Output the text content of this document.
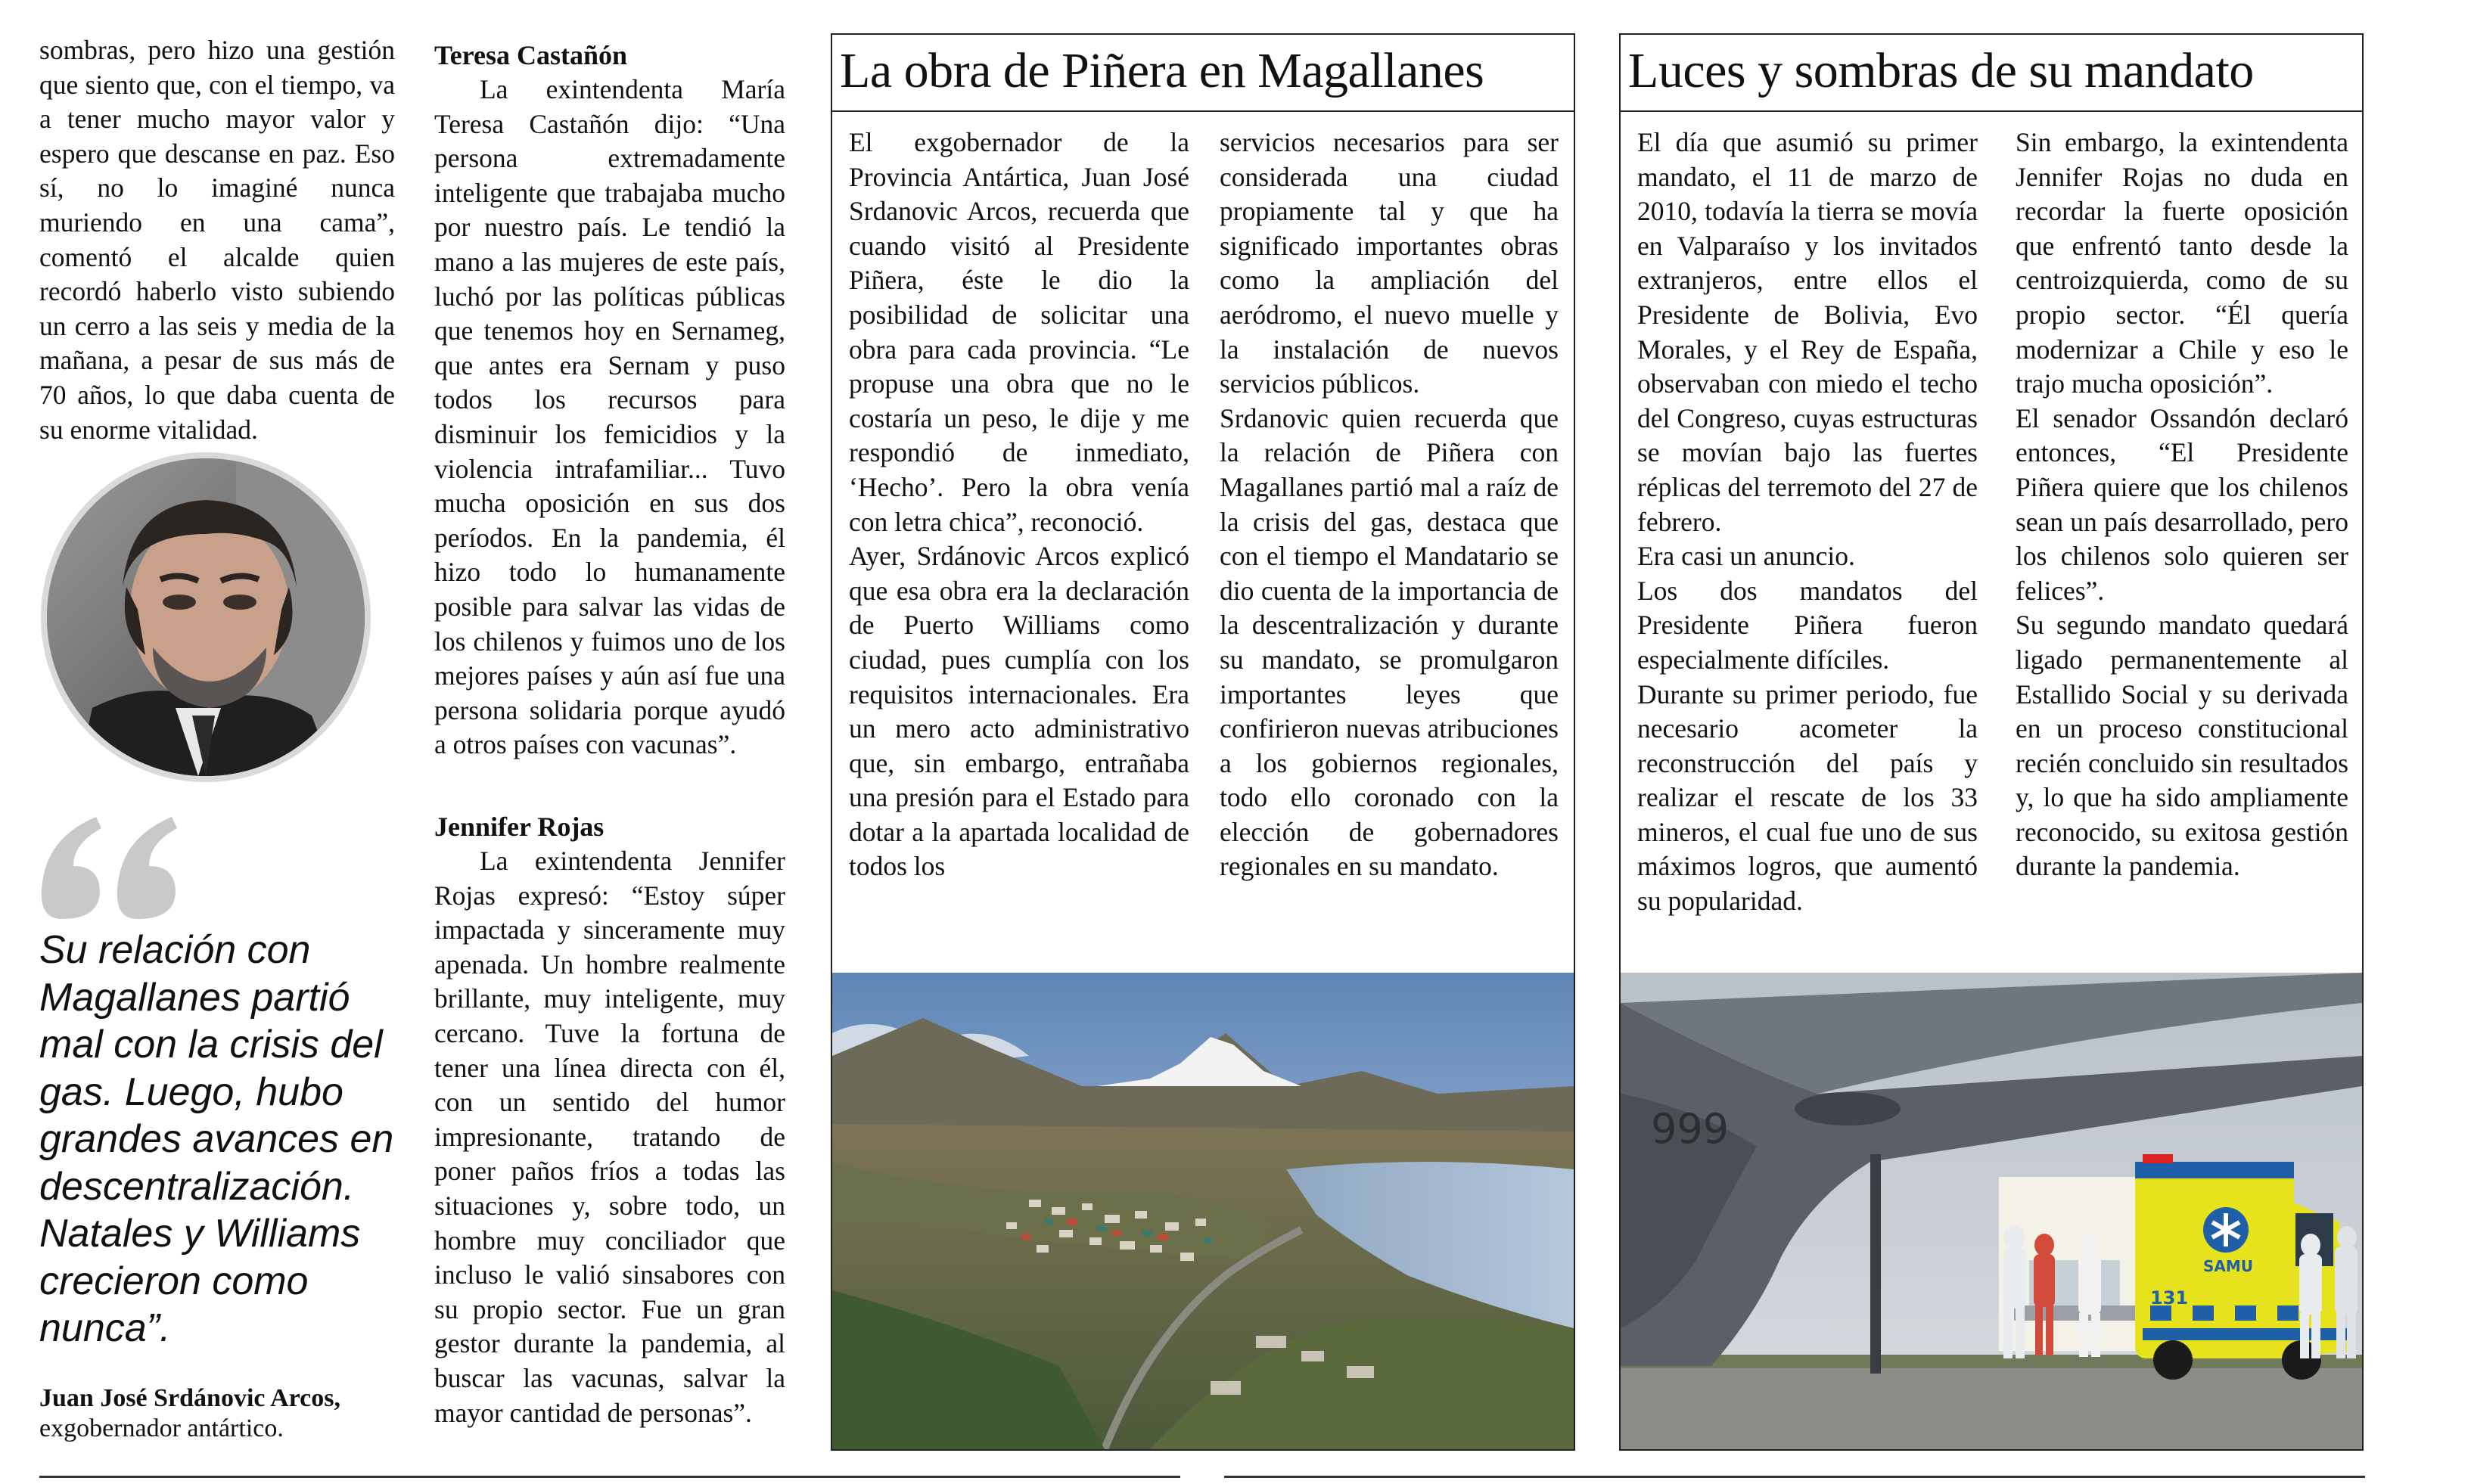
sombras, pero hizo una gestión que siento que, con el tiempo, va a tener mucho mayor valor y espero que descanse en paz. Eso sí, no lo imaginé nunca muriendo en una cama”, comentó el alcalde quien recordó haberlo visto subiendo un cerro a las seis y media de la mañana, a pesar de sus más de 70 años, lo que daba cuenta de su enorme vitalidad.

Su relación con Magallanes partió mal con la crisis del gas. Luego, hubo grandes avances en descentralización. Natales y Williams crecieron como nunca”.

Juan José Srdánovic Arcos,
exgobernador antártico.

Teresa Castañón

La exintendenta María Teresa Castañón dijo: “Una persona extremadamente inteligente que trabajaba mucho por nuestro país. Le tendió la mano a las mujeres de este país, luchó por las políticas públicas que tenemos hoy en Sernameg, que antes era Sernam y puso todos los recursos para disminuir los femicidios y la violencia intrafamiliar... Tuvo mucha oposición en sus dos períodos. En la pandemia, él hizo todo lo humanamente posible para salvar las vidas de los chilenos y fuimos uno de los mejores países y aún así fue una persona solidaria porque ayudó a otros países con vacunas”.

Jennifer Rojas

La exintendenta Jennifer Rojas expresó: “Estoy súper impactada y sinceramente muy apenada. Un hombre realmente brillante, muy inteligente, muy cercano. Tuve la fortuna de tener una línea directa con él, con un sentido del humor impresionante, tratando de poner paños fríos a todas las situaciones y, sobre todo, un hombre muy conciliador que incluso le valió sinsabores con su propio sector. Fue un gran gestor durante la pandemia, al buscar las vacunas, salvar la mayor cantidad de personas”.

La obra de Piñera en Magallanes

El exgobernador de la Provincia Antártica, Juan José Srdanovic Arcos, recuerda que cuando visitó al Presidente Piñera, éste le dio la posibilidad de solicitar una obra para cada provincia. “Le propuse una obra que no le costaría un peso, le dije y me respondió de inmediato, ‘Hecho’. Pero la obra venía con letra chica”, reconoció.

Ayer, Srdánovic Arcos explicó que esa obra era la declaración de Puerto Williams como ciudad, pues cumplía con los requisitos internacionales. Era un mero acto administrativo que, sin embargo, entrañaba una presión para el Estado para dotar a la apartada localidad de todos los

servicios necesarios para ser considerada una ciudad propiamente tal y que ha significado importantes obras como la ampliación del aeródromo, el nuevo muelle y la instalación de nuevos servicios públicos.

Srdanovic quien recuerda que la relación de Piñera con Magallanes partió mal a raíz de la crisis del gas, destaca que con el tiempo el Mandatario se dio cuenta de la importancia de la descentralización y durante su mandato, se promulgaron importantes leyes que confirieron nuevas atribuciones a los gobiernos regionales, todo ello coronado con la elección de gobernadores regionales en su mandato.

Luces y sombras de su mandato

El día que asumió su primer mandato, el 11 de marzo de 2010, todavía la tierra se movía en Valparaíso y los invitados extranjeros, entre ellos el Presidente de Bolivia, Evo Morales, y el Rey de España, observaban con miedo el techo del Congreso, cuyas estructuras se movían bajo las fuertes réplicas del terremoto del 27 de febrero.

Era casi un anuncio.

Los dos mandatos del Presidente Piñera fueron especialmente difíciles.

Durante su primer periodo, fue necesario acometer la reconstrucción del país y realizar el rescate de los 33 mineros, el cual fue uno de sus máximos logros, que aumentó su popularidad.

Sin embargo, la exintendenta Jennifer Rojas no duda en recordar la fuerte oposición que enfrentó tanto desde la centroizquierda, como de su propio sector. “Él quería modernizar a Chile y eso le trajo mucha oposición”.

El senador Ossandón declaró entonces, “El Presidente Piñera quiere que los chilenos sean un país desarrollado, pero los chilenos solo quieren ser felices”.

Su segundo mandato quedará ligado permanentemente al Estallido Social y su derivada en un proceso constitucional recién concluido sin resultados y, lo que ha sido ampliamente reconocido, su exitosa gestión durante la pandemia.

999
SAMU
131
